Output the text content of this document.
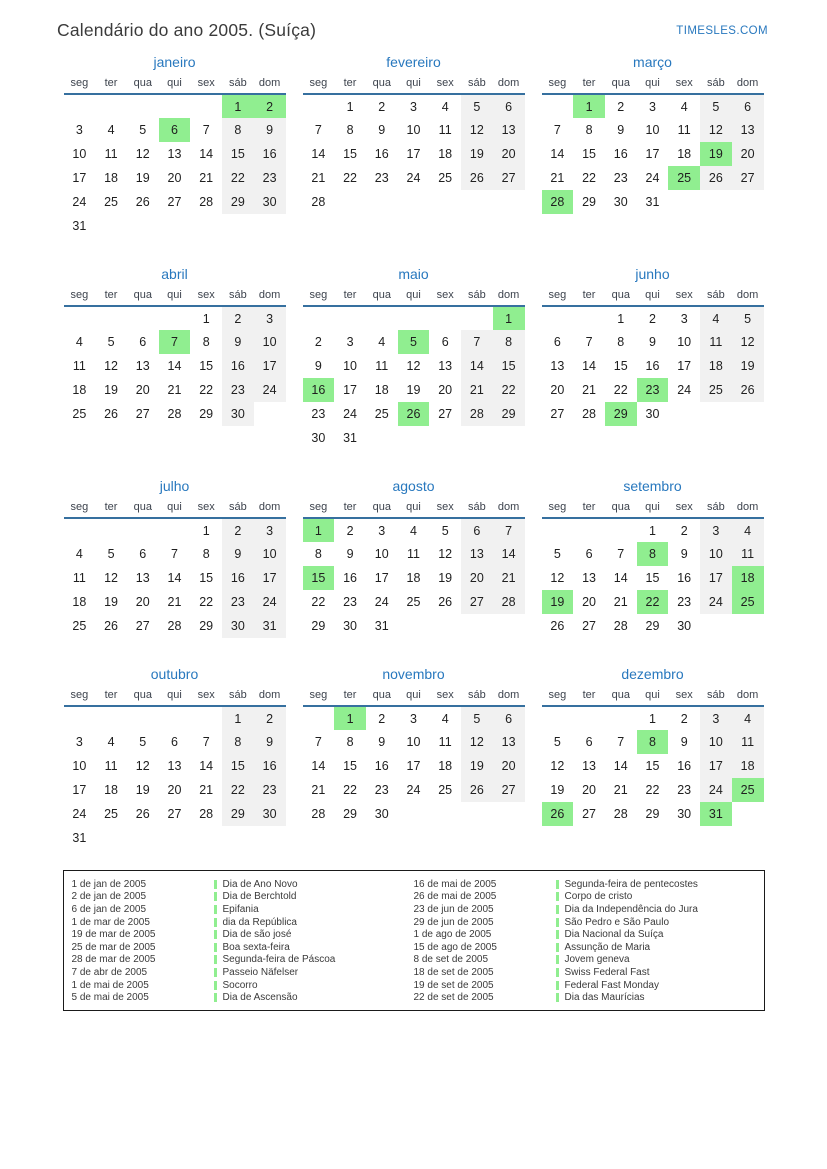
Calendário do ano 2005. (Suíça)	TIMESLES.COM
janeiro
seg	ter	qua	qui	sex	sáb	dom
					1	2
3	4	5	6	7	8	9
10	11	12	13	14	15	16
17	18	19	20	21	22	23
24	25	26	27	28	29	30
31						
fevereiro
seg	ter	qua	qui	sex	sáb	dom
	1	2	3	4	5	6
7	8	9	10	11	12	13
14	15	16	17	18	19	20
21	22	23	24	25	26	27
28						
março
seg	ter	qua	qui	sex	sáb	dom
	1	2	3	4	5	6
7	8	9	10	11	12	13
14	15	16	17	18	19	20
21	22	23	24	25	26	27
28	29	30	31			
abril
seg	ter	qua	qui	sex	sáb	dom
				1	2	3
4	5	6	7	8	9	10
11	12	13	14	15	16	17
18	19	20	21	22	23	24
25	26	27	28	29	30	
maio
seg	ter	qua	qui	sex	sáb	dom
						1
2	3	4	5	6	7	8
9	10	11	12	13	14	15
16	17	18	19	20	21	22
23	24	25	26	27	28	29
30	31					
junho
seg	ter	qua	qui	sex	sáb	dom
		1	2	3	4	5
6	7	8	9	10	11	12
13	14	15	16	17	18	19
20	21	22	23	24	25	26
27	28	29	30			
julho
seg	ter	qua	qui	sex	sáb	dom
				1	2	3
4	5	6	7	8	9	10
11	12	13	14	15	16	17
18	19	20	21	22	23	24
25	26	27	28	29	30	31
agosto
seg	ter	qua	qui	sex	sáb	dom
1	2	3	4	5	6	7
8	9	10	11	12	13	14
15	16	17	18	19	20	21
22	23	24	25	26	27	28
29	30	31				
setembro
seg	ter	qua	qui	sex	sáb	dom
			1	2	3	4
5	6	7	8	9	10	11
12	13	14	15	16	17	18
19	20	21	22	23	24	25
26	27	28	29	30		
outubro
seg	ter	qua	qui	sex	sáb	dom
					1	2
3	4	5	6	7	8	9
10	11	12	13	14	15	16
17	18	19	20	21	22	23
24	25	26	27	28	29	30
31						
novembro
seg	ter	qua	qui	sex	sáb	dom
	1	2	3	4	5	6
7	8	9	10	11	12	13
14	15	16	17	18	19	20
21	22	23	24	25	26	27
28	29	30				
dezembro
seg	ter	qua	qui	sex	sáb	dom
			1	2	3	4
5	6	7	8	9	10	11
12	13	14	15	16	17	18
19	20	21	22	23	24	25
26	27	28	29	30	31	
1 de jan de 2005	Dia de Ano Novo
2 de jan de 2005	Dia de Berchtold
6 de jan de 2005	Epifania
1 de mar de 2005	dia da República
19 de mar de 2005	Dia de são josé
25 de mar de 2005	Boa sexta-feira
28 de mar de 2005	Segunda-feira de Páscoa
7 de abr de 2005	Passeio Näfelser
1 de mai de 2005	Socorro
5 de mai de 2005	Dia de Ascensão
16 de mai de 2005	Segunda-feira de pentecostes
26 de mai de 2005	Corpo de cristo
23 de jun de 2005	Dia da Independência do Jura
29 de jun de 2005	São Pedro e São Paulo
1 de ago de 2005	Dia Nacional da Suíça
15 de ago de 2005	Assunção de Maria
8 de set de 2005	Jovem geneva
18 de set de 2005	Swiss Federal Fast
19 de set de 2005	Federal Fast Monday
22 de set de 2005	Dia das Maurícias
